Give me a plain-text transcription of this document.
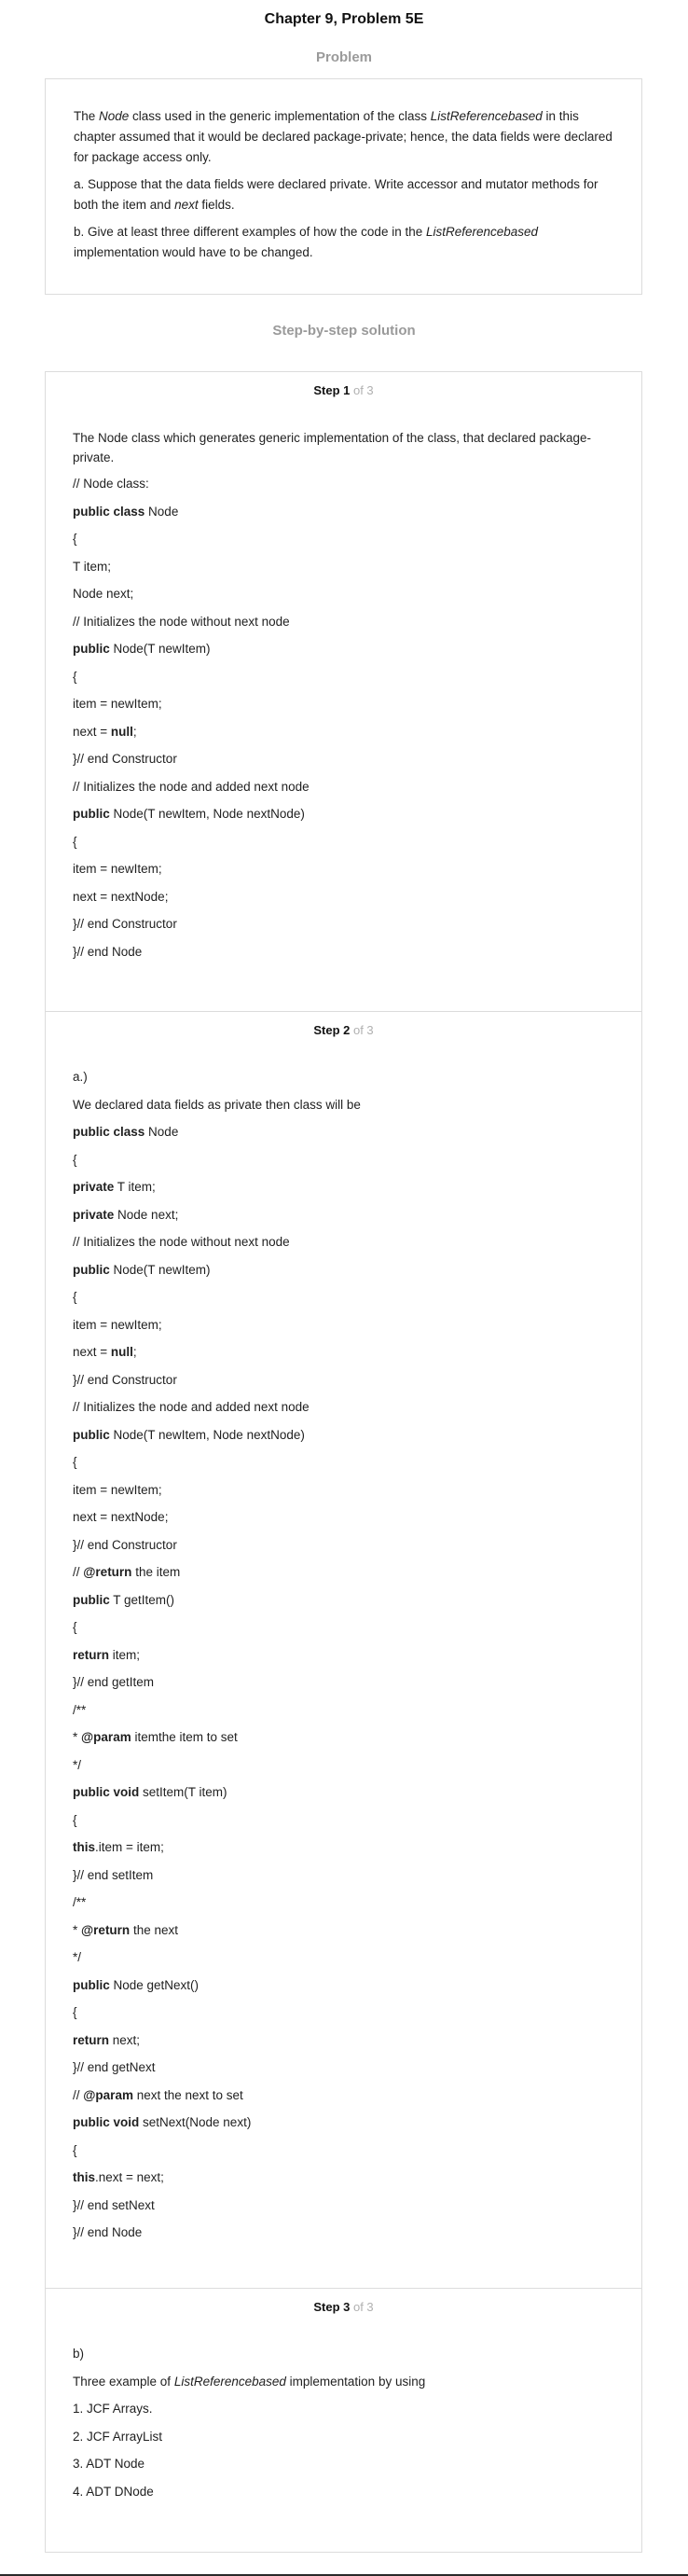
Chapter 9, Problem 5E
Problem

The Node class used in the generic implementation of the class ListReferencebased in this chapter assumed that it would be declared package-private; hence, the data fields were declared for package access only.

a. Suppose that the data fields were declared private. Write accessor and mutator methods for both the item and next fields.

b. Give at least three different examples of how the code in the ListReferencebased implementation would have to be changed.

Step-by-step solution
Step 1 of 3
The Node class which generates generic implementation of the class, that declared package-private.
// Node class:
public class Node
{
T item;
Node next;
// Initializes the node without next node
public Node(T newItem)
{
item = newItem;
next = null;
}// end Constructor
// Initializes the node and added next node
public Node(T newItem, Node nextNode)
{
item = newItem;
next = nextNode;
}// end Constructor
}// end Node
Step 2 of 3
a.)
We declared data fields as private then class will be
public class Node
{
private T item;
private Node next;
// Initializes the node without next node
public Node(T newItem)
{
item = newItem;
next = null;
}// end Constructor
// Initializes the node and added next node
public Node(T newItem, Node nextNode)
{
item = newItem;
next = nextNode;
}// end Constructor
// @return the item
public T getItem()
{
return item;
}// end getItem
/**
* @param itemthe item to set
*/
public void setItem(T item)
{
this.item = item;
}// end setItem
/**
* @return the next
*/
public Node getNext()
{
return next;
}// end getNext
// @param next the next to set
public void setNext(Node next)
{
this.next = next;
}// end setNext
}// end Node
Step 3 of 3
b)
Three example of ListReferencebased implementation by using
1. JCF Arrays.
2. JCF ArrayList
3. ADT Node
4. ADT DNode
